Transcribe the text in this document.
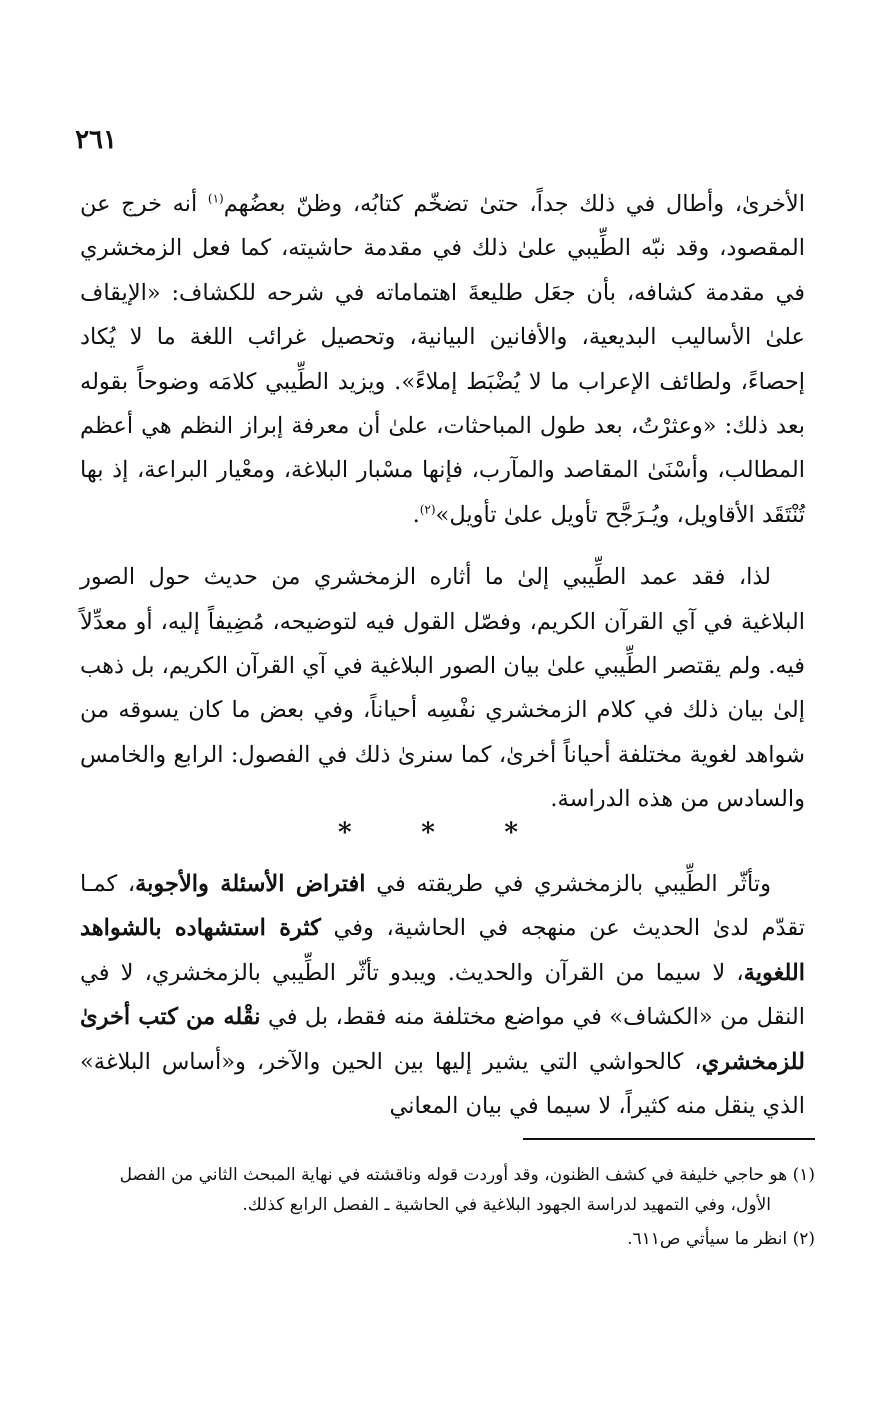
٢٦١

الأخرىٰ، وأطال في ذلك جداً، حتىٰ تضخّم كتابُه، وظنّ بعضُهم$^{(١)}$ أنه خرج عن المقصود، وقد نبّه الطِّيبي علىٰ ذلك في مقدمة حاشيته، كما فعل الزمخشري في مقدمة كشافه، بأن جعَل طليعةَ اهتماماته في شرحه للكشاف: «الإيقاف علىٰ الأساليب البديعية، والأفانين البيانية، وتحصيل غرائب اللغة ما لا يُكاد إحصاءً، ولطائف الإعراب ما لا يُضْبَط إملاءً». ويزيد الطِّيبي كلامَه وضوحاً بقوله بعد ذلك: «وعثرْتُ، بعد طول المباحثات، علىٰ أن معرفة إبراز النظم هي أعظم المطالب، وأسْنَىٰ المقاصد والمآرب، فإنها مسْبار البلاغة، ومعْيار البراعة، إذ بها تُنْتَقَد الأقاويل، ويُـرَجَّح تأويل علىٰ تأويل»$^{(٢)}$.

لذا، فقد عمد الطِّيبي إلىٰ ما أثاره الزمخشري من حديث حول الصور البلاغية في آي القرآن الكريم، وفصّل القول فيه لتوضيحه، مُضِيفاً إليه، أو معدِّلاً فيه. ولم يقتصر الطِّيبي علىٰ بيان الصور البلاغية في آي القرآن الكريم، بل ذهب إلىٰ بيان ذلك في كلام الزمخشري نفْسِه أحياناً، وفي بعض ما كان يسوقه من شواهد لغوية مختلفة أحياناً أخرىٰ، كما سنرىٰ ذلك في الفصول: الرابع والخامس والسادس من هذه الدراسة.

*
*
*

وتأثّر الطِّيبي بالزمخشري في طريقته في افتراض الأسئلة والأجوبة، كمـا تقدّم لدىٰ الحديث عن منهجه في الحاشية، وفي كثرة استشهاده بالشواهد اللغوية، لا سيما من القرآن والحديث. ويبدو تأثّر الطِّيبي بالزمخشري، لا في النقل من «الكشاف» في مواضع مختلفة منه فقط، بل في نقْله من كتب أخرىٰ للزمخشري، كالحواشي التي يشير إليها بين الحين والآخر، و«أساس البلاغة» الذي ينقل منه كثيراً، لا سيما في بيان المعاني

(١) هو حاجي خليفة في كشف الظنون، وقد أوردت قوله وناقشته في نهاية المبحث الثاني من الفصل
الأول، وفي التمهيد لدراسة الجهود البلاغية في الحاشية ـ الفصل الرابع كذلك.

(٢) انظر ما سيأتي ص٦١١.
